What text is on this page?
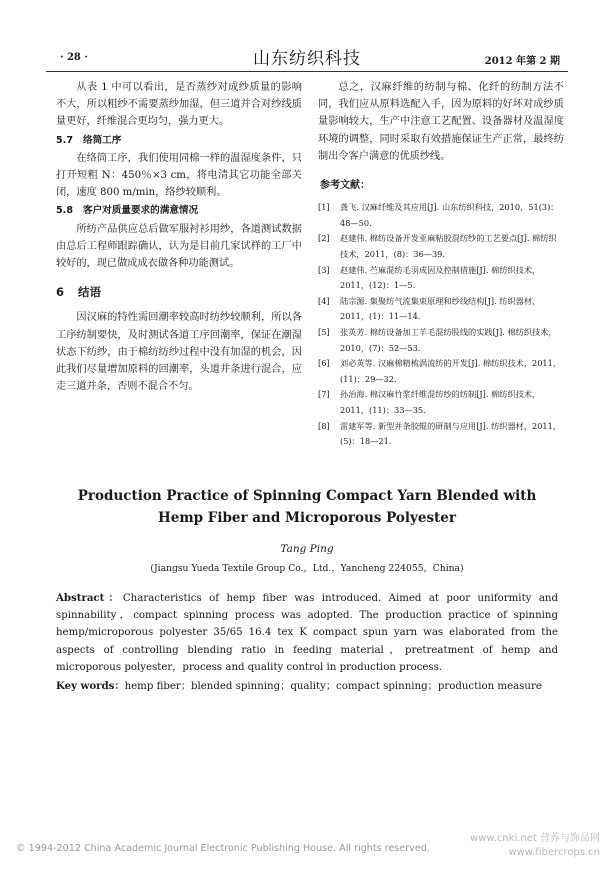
· 28 ·	山东纺织科技	2012 年第 2 期

从表 1 中可以看出，是否蒸纱对成纱质量的影响不大，所以粗纱不需要蒸纱加湿，但三道并合对纱线质量更好，纤维混合更均匀，强力更大。

5.7 络筒工序

在络筒工序，我们使用同棉一样的温湿度条件，只打开短粗 N：450％×3 cm，将电清其它功能全部关闭，速度 800 m/min，络纱较顺利。

5.8 客户对质量要求的满意情况

所纺产品供应总后做军服衬衫用纱，各道测试数据由总后工程师跟踪确认，认为是目前几家试样的工厂中较好的，现已做成成衣做各种功能测试。

6 结语

因汉麻的特性需回潮率较高时纺纱较顺利，所以各工序纺制要快，及时测试各道工序回潮率，保证在潮湿状态下纺纱，由于棉纺纺纱过程中没有加湿的机会，因此我们尽量增加原料的回潮率，头道并条进行混合，应走三道并条，否则不混合不匀。

总之，汉麻纤维的纺制与棉、化纤的纺制方法不同，我们应从原料选配入手，因为原料的好坏对成纱质量影响较大，生产中注意工艺配置、设备器材及温湿度环境的调整，同时采取有效措施保证生产正常，最终纺制出令客户满意的优质纱线。

参考文献：
[1]	龚飞. 汉麻纤维及其应用[J]. 山东纺织科技，2010，51(3)：48—50.
[2]	赵建伟. 棉纺设备开发亚麻粘胶混纺纱的工艺要点[J]. 棉纺织技术，2011，(8)：36—39.
[3]	赵建伟. 苎麻混纺毛羽成因及控制措施[J]. 棉纺织技术，2011，(12)：1—5.
[4]	陆宗源. 集聚纺气流集束原理和纱线结构[J]. 纺织器材，2011，(1)：11—14.
[5]	张英芳. 棉纺设备加工羊毛混纺股线的实践[J]. 棉纺织技术，2010，(7)：52—53.
[6]	刘必英等. 汉麻棉精梳涡流纺的开发[J]. 棉纺织技术，2011，(11)：29—32.
[7]	孙治海. 棉汉麻竹浆纤维混纺纱的纺制[J]. 棉纺织技术，2011，(11)：33—35.
[8]	雷建军等. 新型并条胶辊的研制与应用[J]. 纺织器材，2011，(5)：18—21.
Production Practice of Spinning Compact Yarn Blended with
Hemp Fiber and Microporous Polyester
Tang Ping
(Jiangsu Yueda Textile Group Co.，Ltd.，Yancheng 224055，China)
Abstract：Characteristics of hemp fiber was introduced. Aimed at poor uniformity and spinnability，compact spinning process was adopted. The production practice of spinning hemp/microporous polyester 35/65 16.4 tex K compact spun yarn was elaborated from the aspects of controlling blending ratio in feeding material，pretreatment of hemp and microporous polyester，process and quality control in production process.
Key words：hemp fiber；blended spinning；quality；compact spinning；production measure
© 1994-2012 China Academic Journal Electronic Publishing House. All rights reserved.
www.cnki.net 营养与饰品网
www.fibercrops.cn
